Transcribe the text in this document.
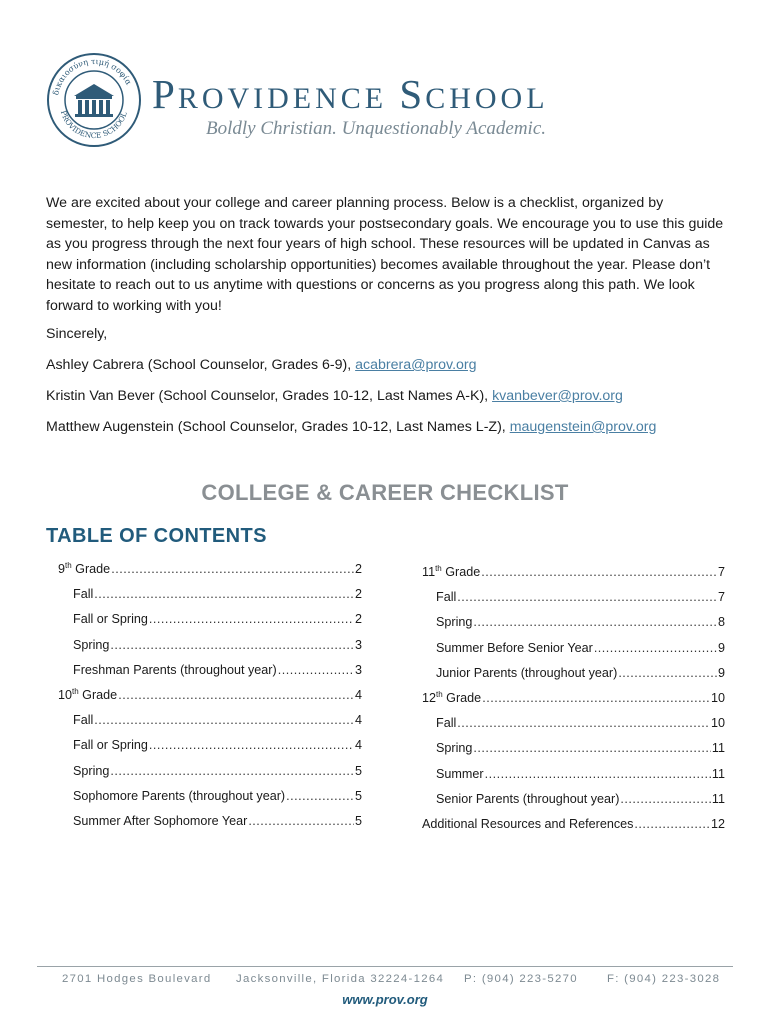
δικαιοσύνη τιμή σοφία
PROVIDENCE SCHOOL PROVIDENCE SCHOOL
Boldly Christian. Unquestionably Academic.
We are excited about your college and career planning process. Below is a checklist, organized by semester, to help keep you on track towards your postsecondary goals. We encourage you to use this guide as you progress through the next four years of high school. These resources will be updated in Canvas as new information (including scholarship opportunities) becomes available throughout the year. Please don’t hesitate to reach out to us anytime with questions or concerns as you progress along this path. We look forward to working with you!
Sincerely,
Ashley Cabrera (School Counselor, Grades 6-9), acabrera@prov.org
Kristin Van Bever (School Counselor, Grades 10-12, Last Names A-K), kvanbever@prov.org
Matthew Augenstein (School Counselor, Grades 10-12, Last Names L-Z), maugenstein@prov.org
COLLEGE & CAREER CHECKLIST
TABLE OF CONTENTS
9th Grade .....	2
Fall .....	2
Fall or Spring .....	2
Spring .....	3
Freshman Parents (throughout year) .....	3
10th Grade .....	4
Fall .....	4
Fall or Spring .....	4
Spring .....	5
Sophomore Parents (throughout year) .....	5
Summer After Sophomore Year .....	5
11th Grade .....	7
Fall .....	7
Spring .....	8
Summer Before Senior Year .....	9
Junior Parents (throughout year) .....	9
12th Grade .....	10
Fall .....	10
Spring .....	11
Summer .....	11
Senior Parents (throughout year) .....	11
Additional Resources and References .....	12
2701 Hodges Boulevard Jacksonville, Florida 32224-1264 P: (904) 223-5270	F: (904) 223-3028
www.prov.org
